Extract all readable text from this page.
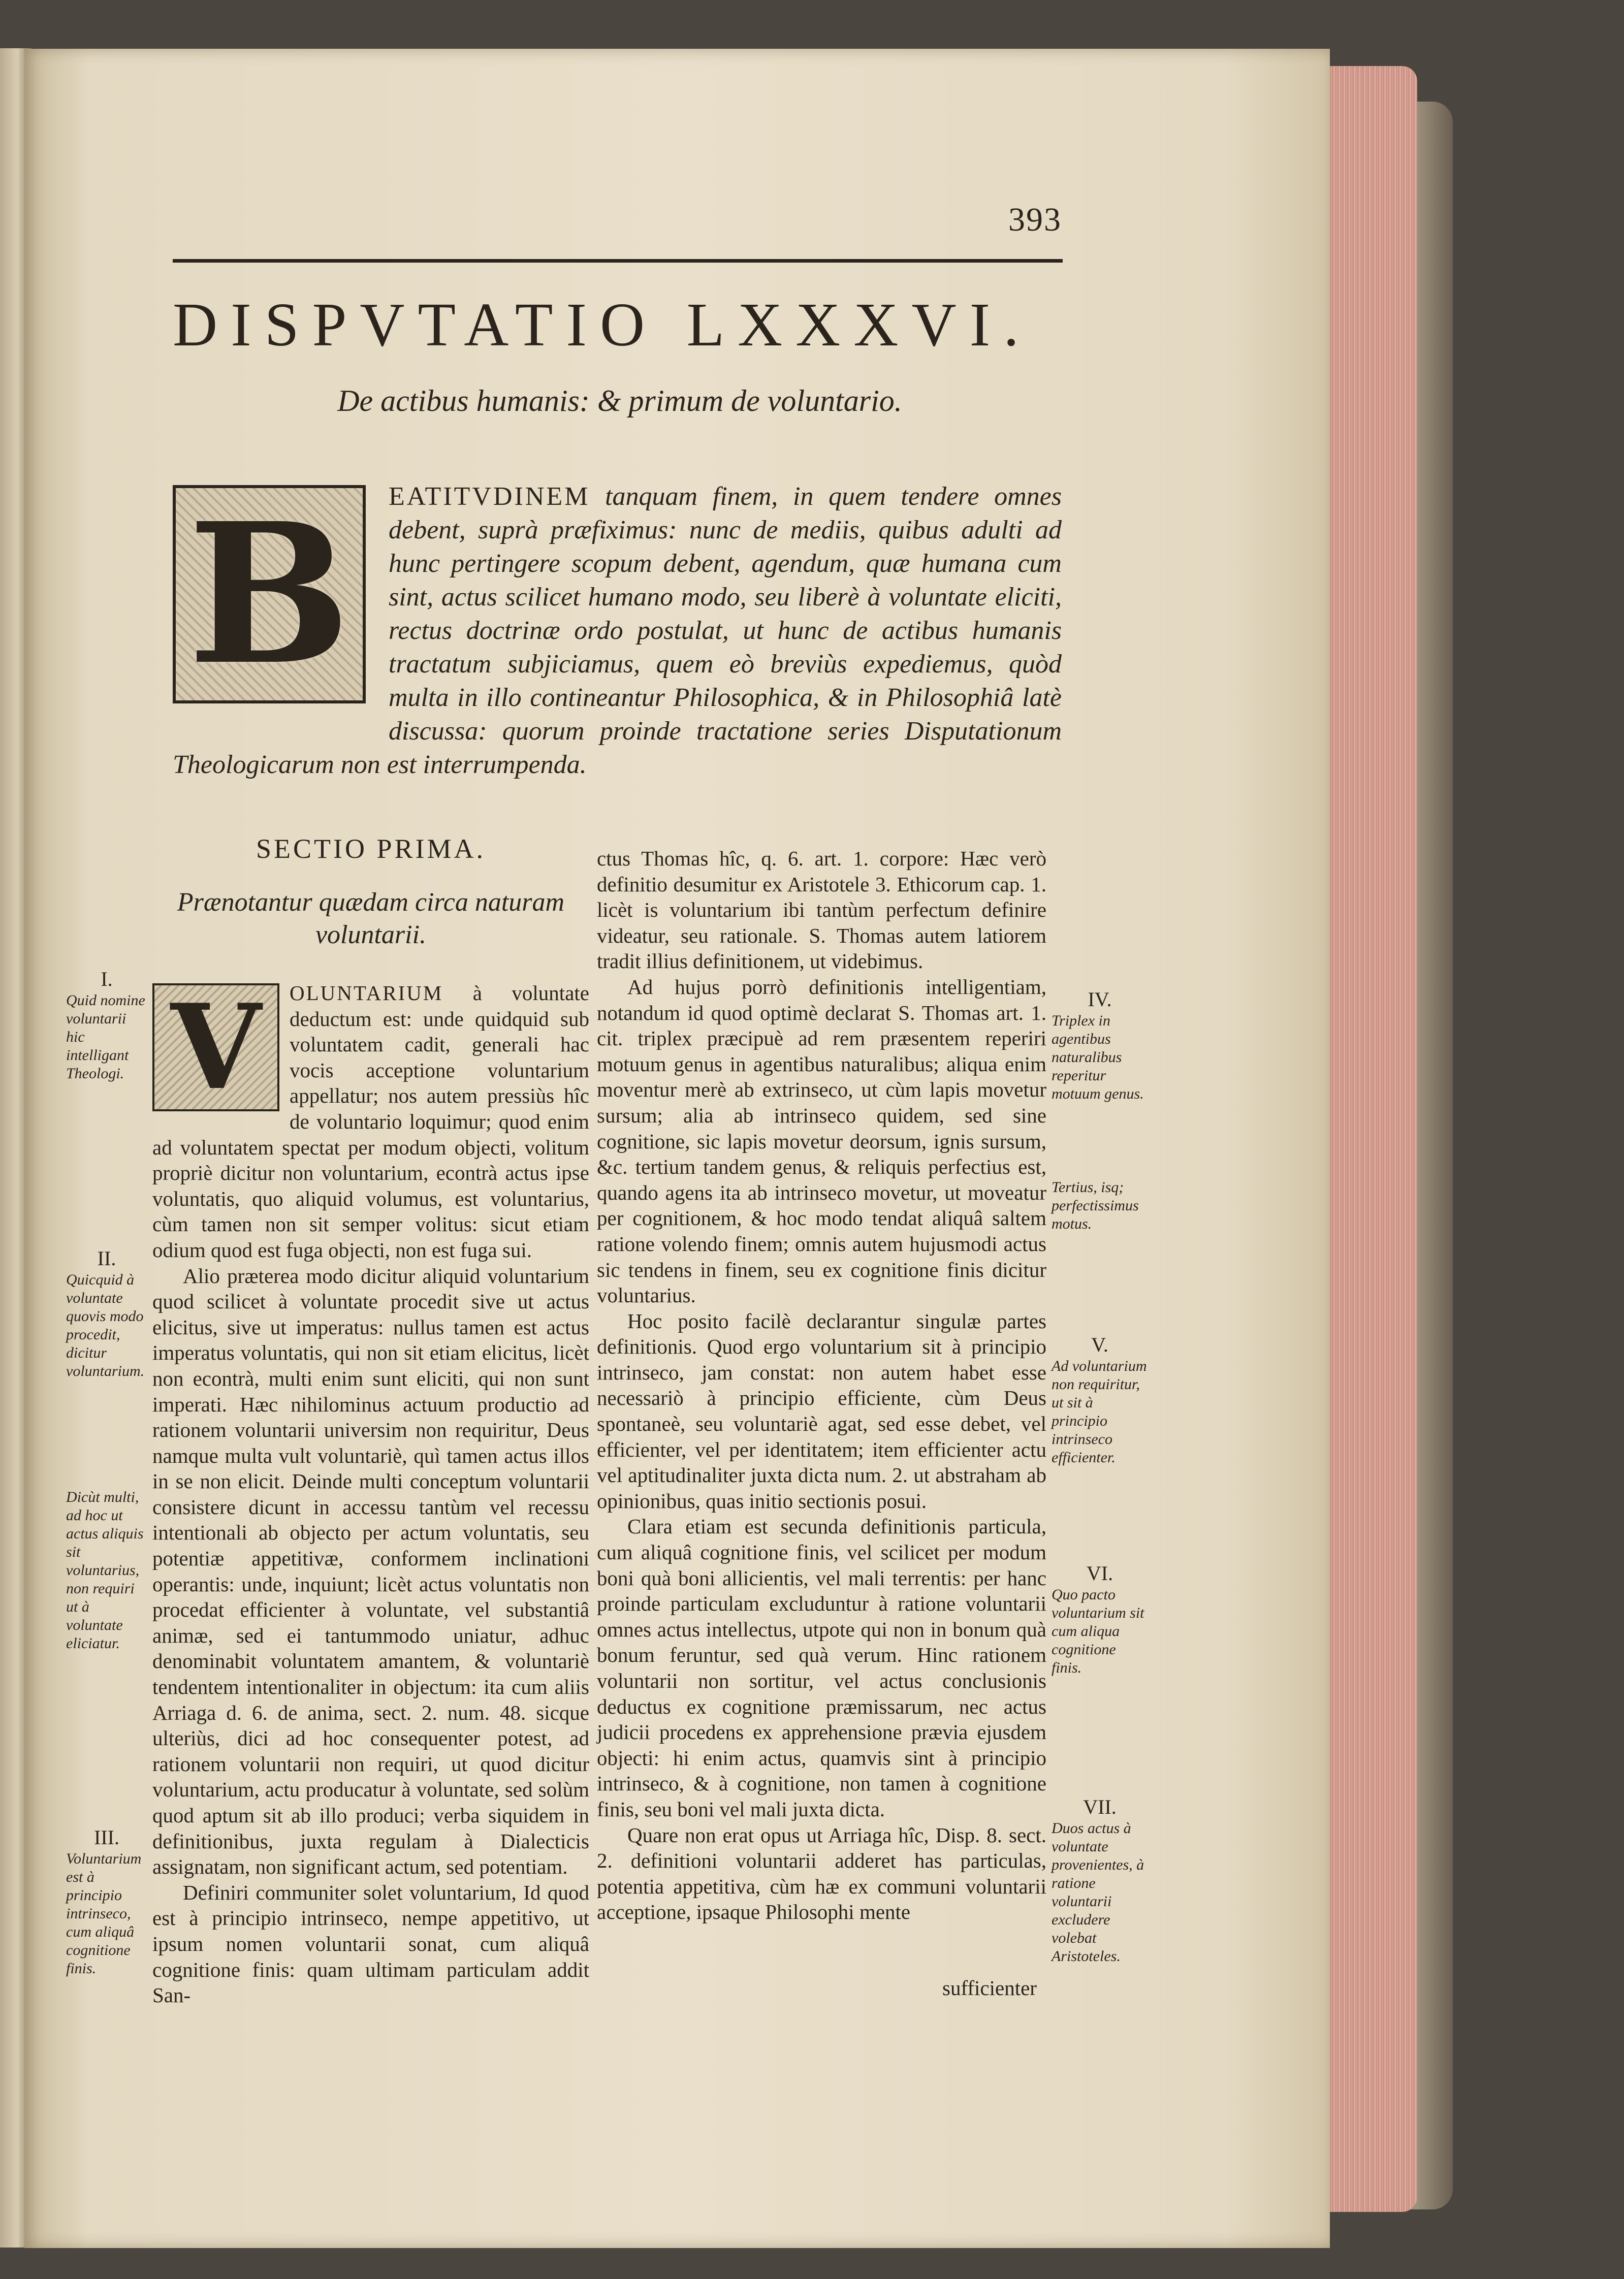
393
DISPVTATIO LXXXVI.
De actibus humanis: & primum de voluntario.
EATITVDINEM tanquam finem, in quem tendere omnes debent, suprà præfiximus: nunc de mediis, quibus adulti ad hunc pertingere scopum debent, agendum, quæ humana cum sint, actus scilicet humano modo, seu liberè à voluntate eliciti, rectus doctrinæ ordo postulat, ut hunc de actibus humanis tractatum subjiciamus, quem eò breviùs expediemus, quòd multa in illo contineantur Philosophica, & in Philosophiâ latè discussa: quorum proinde tractatione series Disputationum Theologicarum non est interrumpenda.
B
SECTIO PRIMA.
Prænotantur quædam circa naturam voluntarii.
V	OLUNTARIUM à voluntate deductum est: unde quidquid sub voluntatem cadit, generali hac vocis acceptione voluntarium appellatur; nos autem pressiùs hîc de voluntario loquimur; quod enim ad voluntatem spectat per modum objecti, volitum propriè dicitur non voluntarium, econtrà actus ipse voluntatis, quo aliquid volumus, est voluntarius, cùm tamen non sit semper volitus: sicut etiam odium quod est fuga objecti, non est fuga sui.

Alio præterea modo dicitur aliquid voluntarium quod scilicet à voluntate procedit sive ut actus elicitus, sive ut imperatus: nullus tamen est actus imperatus voluntatis, qui non sit etiam elicitus, licèt non econtrà, multi enim sunt eliciti, qui non sunt imperati. Hæc nihilominus actuum productio ad rationem voluntarii universim non requiritur, Deus namque multa vult voluntariè, quì tamen actus illos in se non elicit. Deinde multi conceptum voluntarii consistere dicunt in accessu tantùm vel recessu intentionali ab objecto per actum voluntatis, seu potentiæ appetitivæ, conformem inclinationi operantis: unde, inquiunt; licèt actus voluntatis non procedat efficienter à voluntate, vel substantiâ animæ, sed ei tantummodo uniatur, adhuc denominabit voluntatem amantem, & voluntariè tendentem intentionaliter in objectum: ita cum aliis Arriaga d. 6. de anima, sect. 2. num. 48. sicque ulteriùs, dici ad hoc consequenter potest, ad rationem voluntarii non requiri, ut quod dicitur voluntarium, actu producatur à voluntate, sed solùm quod aptum sit ab illo produci; verba siquidem in definitionibus, juxta regulam à Dialecticis assignatam, non significant actum, sed potentiam.

Definiri communiter solet voluntarium, Id quod est à principio intrinseco, nempe appetitivo, ut ipsum nomen voluntarii sonat, cum aliquâ cognitione finis: quam ultimam particulam addit San-

ctus Thomas hîc, q. 6. art. 1. corpore: Hæc verò definitio desumitur ex Aristotele 3. Ethicorum cap. 1. licèt is voluntarium ibi tantùm perfectum definire videatur, seu rationale. S. Thomas autem latiorem tradit illius definitionem, ut videbimus.

Ad hujus porrò definitionis intelligentiam, notandum id quod optimè declarat S. Thomas art. 1. cit. triplex præcipuè ad rem præsentem reperiri motuum genus in agentibus naturalibus; aliqua enim moventur merè ab extrinseco, ut cùm lapis movetur sursum; alia ab intrinseco quidem, sed sine cognitione, sic lapis movetur deorsum, ignis sursum, &c. tertium tandem genus, & reliquis perfectius est, quando agens ita ab intrinseco movetur, ut moveatur per cognitionem, & hoc modo tendat aliquâ saltem ratione volendo finem; omnis autem hujusmodi actus sic tendens in finem, seu ex cognitione finis dicitur voluntarius.

Hoc posito facilè declarantur singulæ partes definitionis. Quod ergo voluntarium sit à principio intrinseco, jam constat: non autem habet esse necessariò à principio efficiente, cùm Deus spontaneè, seu voluntariè agat, sed esse debet, vel efficienter, vel per identitatem; item efficienter actu vel aptitudinaliter juxta dicta num. 2. ut abstraham ab opinionibus, quas initio sectionis posui.

Clara etiam est secunda definitionis particula, cum aliquâ cognitione finis, vel scilicet per modum boni quà boni allicientis, vel mali terrentis: per hanc proinde particulam excluduntur à ratione voluntarii omnes actus intellectus, utpote qui non in bonum quà bonum feruntur, sed quà verum. Hinc rationem voluntarii non sortitur, vel actus conclusionis deductus ex cognitione præmissarum, nec actus judicii procedens ex apprehensione prævia ejusdem objecti: hi enim actus, quamvis sint à principio intrinseco, & à cognitione, non tamen à cognitione finis, seu boni vel mali juxta dicta.

Quare non erat opus ut Arriaga hîc, Disp. 8. sect. 2. definitioni voluntarii adderet has particulas, potentia appetitiva, cùm hæ ex communi voluntarii acceptione, ipsaque Philosophi mente

sufficienter
I.
Quid nomine voluntarii hic intelligant Theologi.
II.
Quicquid à voluntate quovis modo procedit, dicitur voluntarium.
Dicùt multi, ad hoc ut actus aliquis sit voluntarius, non requiri ut à voluntate eliciatur.
III.
Voluntarium est à principio intrinseco, cum aliquâ cognitione finis.
IV.
Triplex in agentibus naturalibus reperitur motuum genus.
Tertius, isq; perfectissimus motus.
V.
Ad voluntarium non requiritur, ut sit à principio intrinseco efficienter.
VI.
Quo pacto voluntarium sit cum aliqua cognitione finis.
VII.
Duos actus à voluntate provenientes, à ratione voluntarii excludere volebat Aristoteles.
